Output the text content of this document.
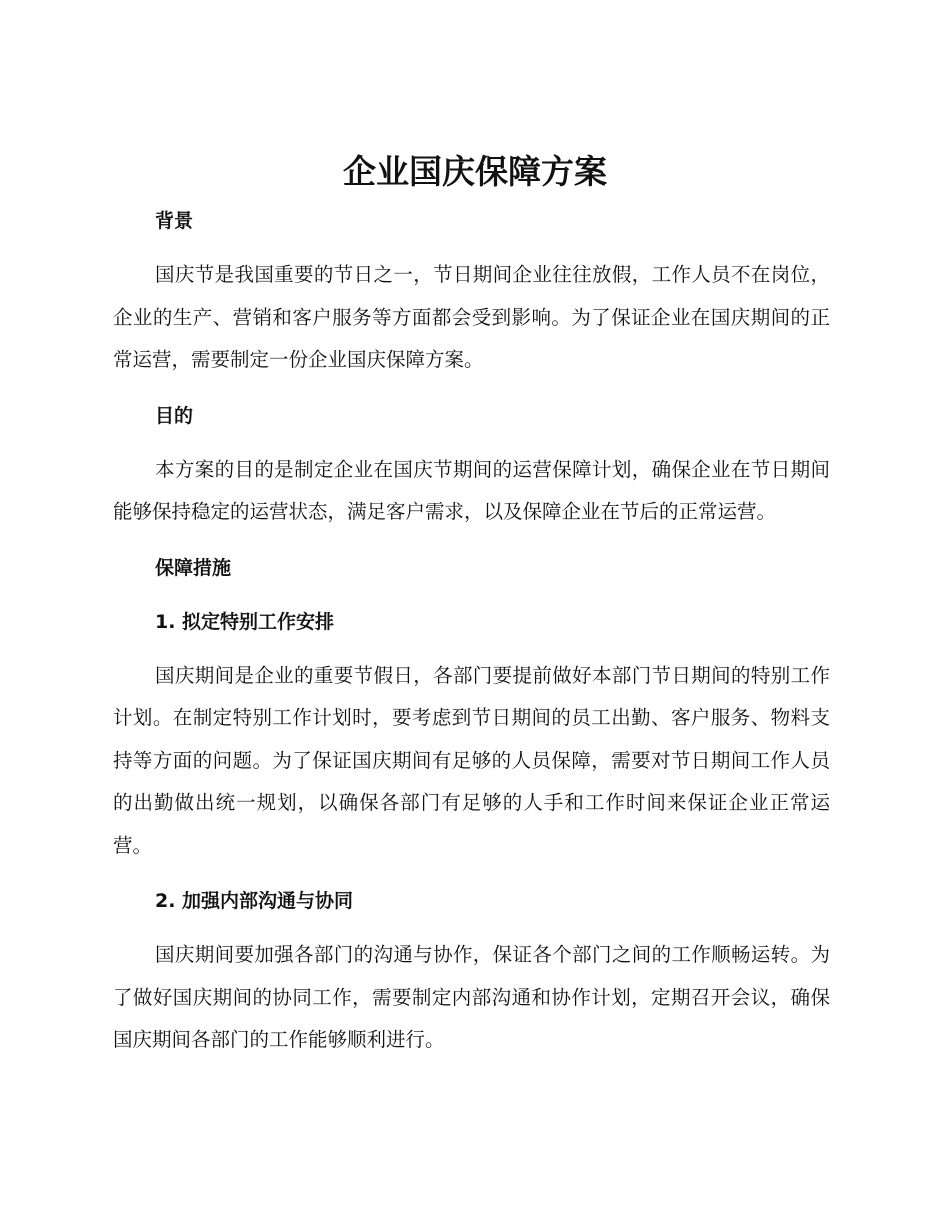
企业国庆保障方案
背景

国庆节是我国重要的节日之一，节日期间企业往往放假，工作人员不在岗位，企业的生产、营销和客户服务等方面都会受到影响。为了保证企业在国庆期间的正常运营，需要制定一份企业国庆保障方案。

目的

本方案的目的是制定企业在国庆节期间的运营保障计划，确保企业在节日期间能够保持稳定的运营状态，满足客户需求，以及保障企业在节后的正常运营。

保障措施
1. 拟定特别工作安排

国庆期间是企业的重要节假日，各部门要提前做好本部门节日期间的特别工作计划。在制定特别工作计划时，要考虑到节日期间的员工出勤、客户服务、物料支持等方面的问题。为了保证国庆期间有足够的人员保障，需要对节日期间工作人员的出勤做出统一规划，以确保各部门有足够的人手和工作时间来保证企业正常运营。

2. 加强内部沟通与协同

国庆期间要加强各部门的沟通与协作，保证各个部门之间的工作顺畅运转。为了做好国庆期间的协同工作，需要制定内部沟通和协作计划，定期召开会议，确保国庆期间各部门的工作能够顺利进行。
